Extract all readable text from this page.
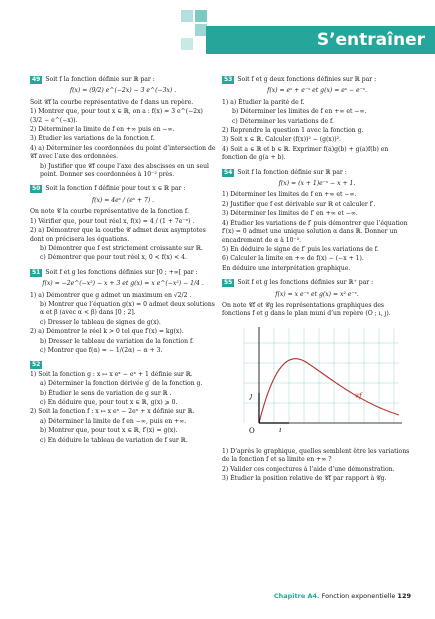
S’entraîner
49 Soit f la fonction définie sur ℝ par :
f(x) = (9/2) e^(−2x) − 3 e^(−3x) .
Soit 𝒞f la courbe représentative de f dans un repère.
1) Montrer que, pour tout x ∈ ℝ, on a : f(x) = 3 e^(−2x) (3/2 − e^(−x)).
2) Déterminer la limite de f en +∞ puis en −∞.
3) Étudier les variations de la fonction f.
4) a) Déterminer les coordonnées du point d’intersection de 𝒞f avec l’axe des ordonnées.
b) Justifier que 𝒞f coupe l’axe des abscisses en un seul point. Donner ses coordonnées à 10⁻² près.
50 Soit la fonction f définie pour tout x ∈ ℝ par :
f(x) = 4eˣ / (eˣ + 7) .
On note 𝒞 la courbe représentative de la fonction f.
1) Vérifier que, pour tout réel x, f(x) = 4 / (1 + 7e⁻ˣ) .
2) a) Démontrer que la courbe 𝒞 admet deux asymptotes dont on précisera les équations.
b) Démontrer que f est strictement croissante sur ℝ.
c) Démontrer que pour tout réel x, 0 < f(x) < 4.
51 Soit f et g les fonctions définies sur [0 ; +∞[ par :
f(x) = −2e^(−x²) − x + 3 et g(x) = x e^(−x²) − 1/4 .
1) a) Démontrer que g admet un maximum en √2/2 .
b) Montrer que l’équation g(x) = 0 admet deux solutions α et β (avec α < β) dans [0 ; 2].
c) Dresser le tableau de signes de g(x).
2) a) Démontrer le réel k > 0 tel que f′(x) = kg(x).
b) Dresser le tableau de variation de la fonction f.
c) Montrer que f(α) = − 1/(2α) − α + 3.
52
1) Soit la fonction g : x ↦ x eˣ − eˣ + 1 définie sur ℝ.
a) Déterminer la fonction dérivée g′ de la fonction g.
b) Étudier le sens de variation de g sur ℝ .
c) En déduire que, pour tout x ∈ ℝ, g(x) ⩾ 0.
2) Soit la fonction f : x ↦ x eˣ − 2eˣ + x définie sur ℝ.
a) Déterminer la limite de f en −∞, puis en +∞.
b) Montrer que, pour tout x ∈ ℝ, f′(x) = g(x).
c) En déduire le tableau de variation de f sur ℝ.
53 Soit f et g deux fonctions définies sur ℝ par :
f(x) = eˣ + e⁻ˣ et g(x) = eˣ − e⁻ˣ.
1) a) Étudier la parité de f.
b) Déterminer les limites de f en +∞ et −∞.
c) Déterminer les variations de f.
2) Reprendre la question 1 avec la fonction g.
3) Soit x ∈ ℝ. Calculer (f(x))² − (g(x))².
4) Soit a ∈ ℝ et b ∈ ℝ. Exprimer f(a)g(b) + g(a)f(b) en fonction de g(a + b).
54 Soit f la fonction définie sur ℝ par :
f(x) = (x + 1)e⁻ˣ − x + 1.
1) Déterminer les limites de f en +∞ et −∞.
2) Justifier que f est dérivable sur ℝ et calculer f′.
3) Déterminer les limites de f′ en +∞ et −∞.
4) Étudier les variations de f′ puis démontrer que l’équation f′(x) = 0 admet une unique solution α dans ℝ. Donner un encadrement de α à 10⁻².
5) En déduire le signe de f′ puis les variations de f.
6) Calculer la limite en +∞ de f(x) − (−x + 1).
En déduire une interprétation graphique.
55 Soit f et g les fonctions définies sur ℝ⁺ par :
f(x) = x e⁻ˣ et g(x) = x² e⁻ˣ.
On note 𝒞f et 𝒞g les représentations graphiques des fonctions f et g dans le plan muni d’un repère (O ; ı, ȷ).
O	ı
ȷ	𝒞f
1) D’après le graphique, quelles semblent être les variations de la fonction f et sa limite en +∞ ?
2) Valider ces conjectures à l’aide d’une démonstration.
3) Étudier la position relative de 𝒞f par rapport à 𝒞g.
Chapitre A4. Fonction exponentielle 129
